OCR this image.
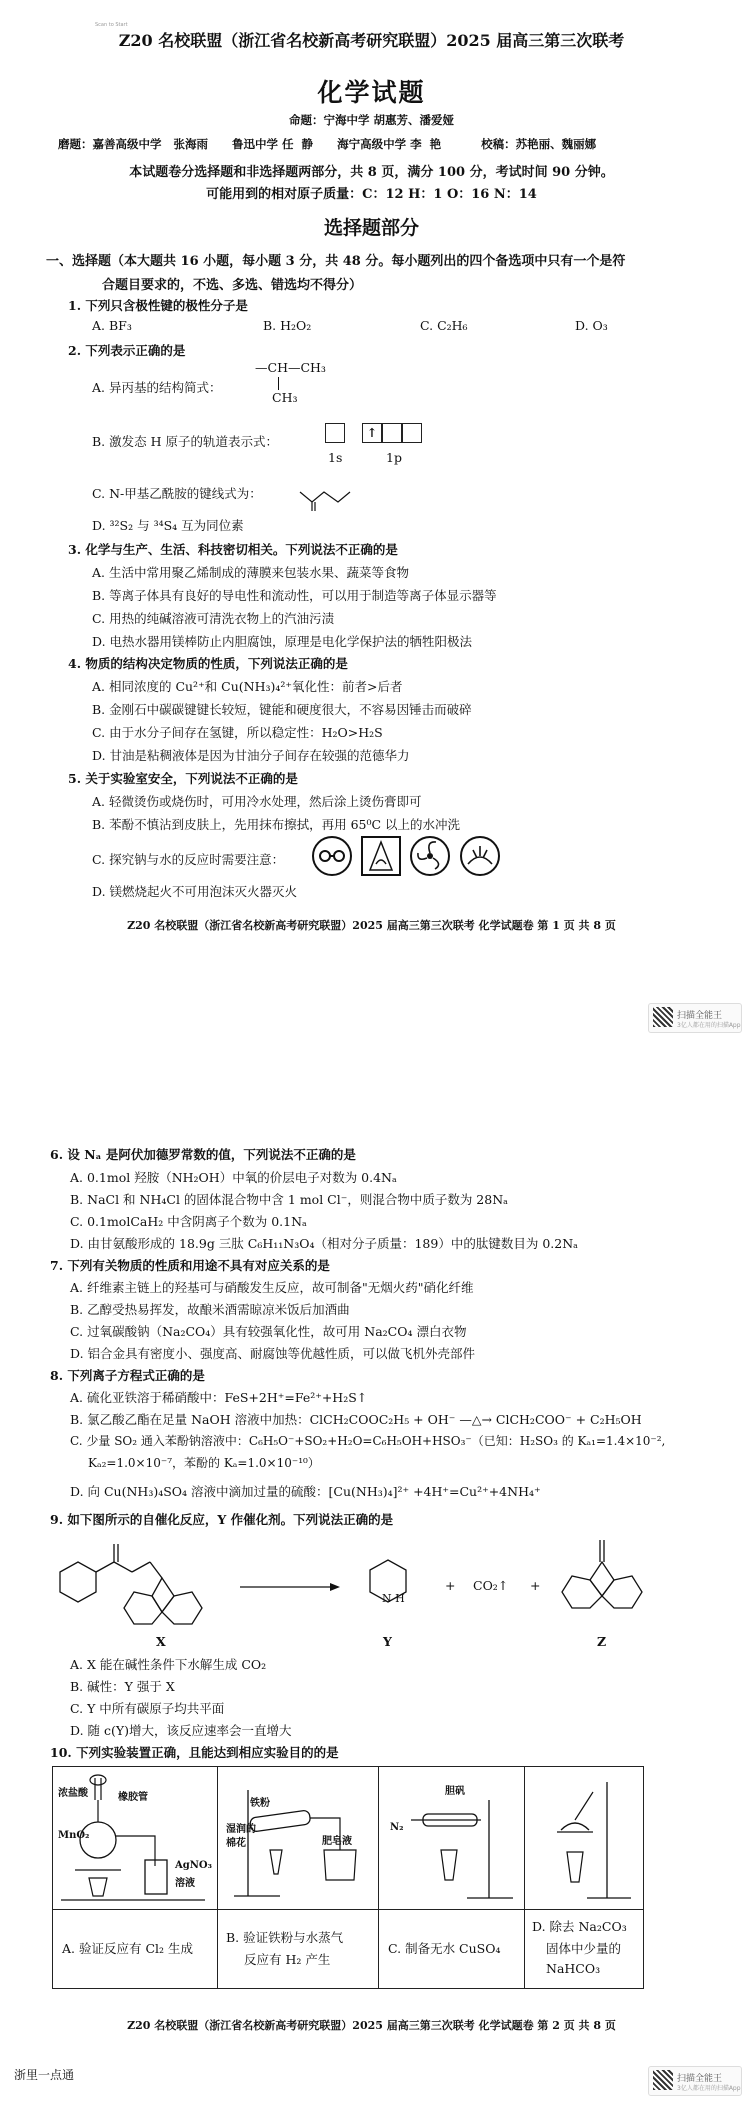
Scan to Start
Z20 名校联盟（浙江省名校新高考研究联盟）2025 届高三第三次联考
化学试题
命题：宁海中学 胡惠芳、潘爱娅
磨题：嘉善高级中学   张海雨      鲁迅中学 任  静      海宁高级中学 李  艳          校稿：苏艳丽、魏丽娜
本试题卷分选择题和非选择题两部分，共 8 页，满分 100 分，考试时间 90 分钟。
可能用到的相对原子质量：C：12 H：1 O：16 N：14
选择题部分
一、选择题（本大题共 16 小题，每小题 3 分，共 48 分。每小题列出的四个备选项中只有一个是符
合题目要求的，不选、多选、错选均不得分）
1. 下列只含极性键的极性分子是
A. BF₃	B. H₂O₂	C. C₂H₆	D. O₃
2. 下列表示正确的是
—CH—CH₃
CH₃
A. 异丙基的结构简式：
B. 激发态 H 原子的轨道表示式：
↑
1s	1p
C. N-甲基乙酰胺的键线式为：
D. ³²S₂ 与 ³⁴S₄ 互为同位素
3. 化学与生产、生活、科技密切相关。下列说法不正确的是
A. 生活中常用聚乙烯制成的薄膜来包装水果、蔬菜等食物
B. 等离子体具有良好的导电性和流动性，可以用于制造等离子体显示器等
C. 用热的纯碱溶液可清洗衣物上的汽油污渍
D. 电热水器用镁棒防止内胆腐蚀，原理是电化学保护法的牺牲阳极法
4. 物质的结构决定物质的性质，下列说法正确的是
A. 相同浓度的 Cu²⁺和 Cu(NH₃)₄²⁺氧化性：前者>后者
B. 金刚石中碳碳键键长较短，键能和硬度很大，不容易因锤击而破碎
C. 由于水分子间存在氢键，所以稳定性：H₂O>H₂S
D. 甘油是粘稠液体是因为甘油分子间存在较强的范德华力
5. 关于实验室安全，下列说法不正确的是
A. 轻微烫伤或烧伤时，可用冷水处理，然后涂上烫伤膏即可
B. 苯酚不慎沾到皮肤上，先用抹布擦拭，再用 65⁰C 以上的水冲洗
C. 探究钠与水的反应时需要注意：
D. 镁燃烧起火不可用泡沫灭火器灭火
Z20 名校联盟（浙江省名校新高考研究联盟）2025 届高三第三次联考 化学试题卷 第 1 页 共 8 页
扫描全能王
3亿人都在用的扫描App
6. 设 Nₐ 是阿伏加德罗常数的值，下列说法不正确的是
A. 0.1mol 羟胺（NH₂OH）中氧的价层电子对数为 0.4Nₐ
B. NaCl 和 NH₄Cl 的固体混合物中含 1 mol Cl⁻，则混合物中质子数为 28Nₐ
C. 0.1molCaH₂ 中含阴离子个数为 0.1Nₐ
D. 由甘氨酸形成的 18.9g 三肽 C₆H₁₁N₃O₄（相对分子质量：189）中的肽键数目为 0.2Nₐ
7. 下列有关物质的性质和用途不具有对应关系的是
A. 纤维素主链上的羟基可与硝酸发生反应，故可制备"无烟火药"硝化纤维
B. 乙醇受热易挥发，故酿米酒需晾凉米饭后加酒曲
C. 过氧碳酸钠（Na₂CO₄）具有较强氧化性，故可用 Na₂CO₄ 漂白衣物
D. 铝合金具有密度小、强度高、耐腐蚀等优越性质，可以做飞机外壳部件
8. 下列离子方程式正确的是
A. 硫化亚铁溶于稀硝酸中：FeS+2H⁺=Fe²⁺+H₂S↑
B. 氯乙酸乙酯在足量 NaOH 溶液中加热：ClCH₂COOC₂H₅ + OH⁻ —△→ ClCH₂COO⁻ + C₂H₅OH
C. 少量 SO₂ 通入苯酚钠溶液中：C₆H₅O⁻+SO₂+H₂O=C₆H₅OH+HSO₃⁻（已知：H₂SO₃ 的 Kₐ₁=1.4×10⁻²,
Kₐ₂=1.0×10⁻⁷，苯酚的 Kₐ=1.0×10⁻¹⁰）
D. 向 Cu(NH₃)₄SO₄ 溶液中滴加过量的硫酸：[Cu(NH₃)₄]²⁺ +4H⁺=Cu²⁺+4NH₄⁺
9. 如下图所示的自催化反应，Y 作催化剂。下列说法正确的是
N H
+ CO₂↑ +
X	Y	Z
A. X 能在碱性条件下水解生成 CO₂
B. 碱性：Y 强于 X
C. Y 中所有碳原子均共平面
D. 随 c(Y)增大，该反应速率会一直增大
10. 下列实验装置正确，且能达到相应实验目的的是
浓盐酸	橡胶管
MnO₂
AgNO₃
溶液
铁粉
湿润的
棉花	肥皂液
胆矾
N₂
A. 验证反应有 Cl₂ 生成
B. 验证铁粉与水蒸气
反应有 H₂ 产生
C. 制备无水 CuSO₄
D. 除去 Na₂CO₃
固体中少量的
NaHCO₃
Z20 名校联盟（浙江省名校新高考研究联盟）2025 届高三第三次联考 化学试题卷 第 2 页 共 8 页
浙里一点通	扫描全能王
3亿人都在用的扫描App
